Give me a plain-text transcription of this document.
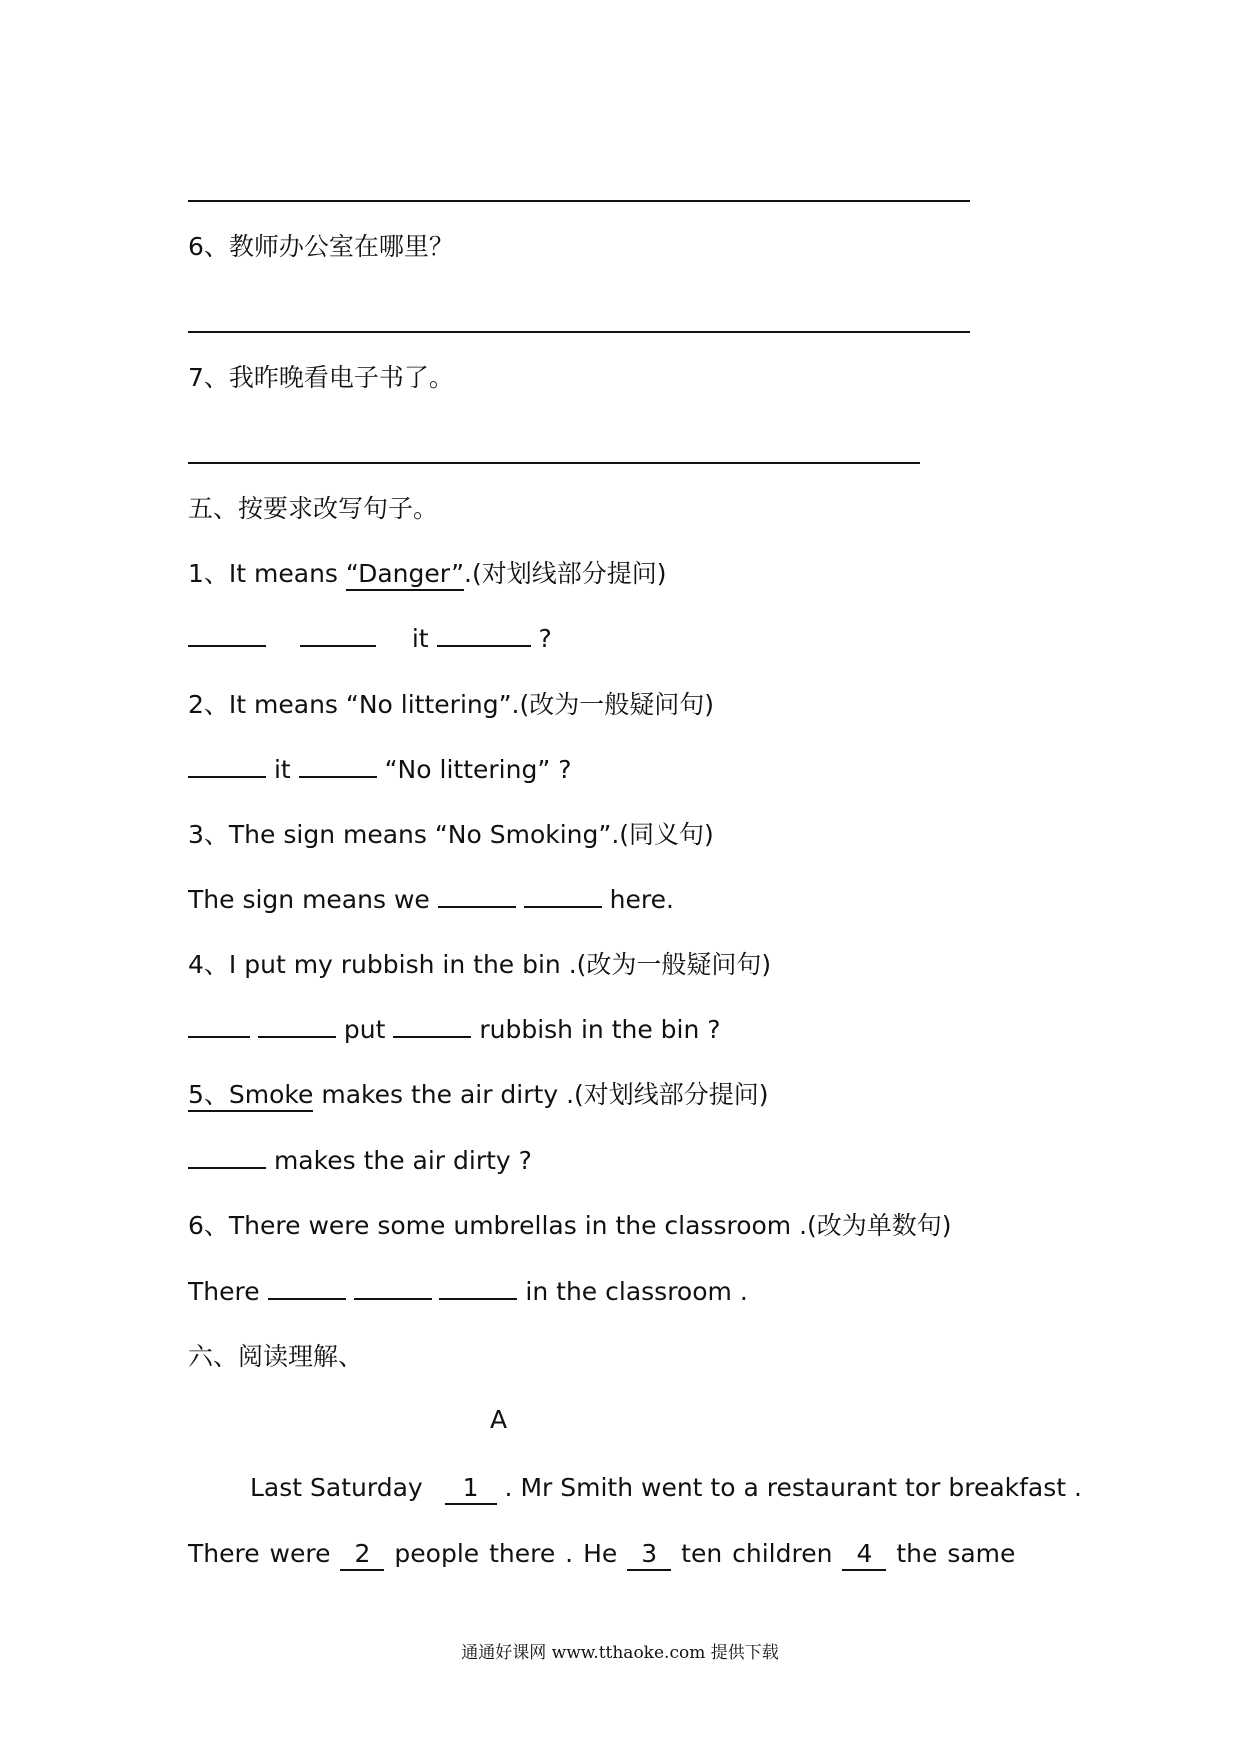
6、教师办公室在哪里？
7、我昨晚看电子书了。
五、按要求改写句子。
1、It means “Danger”.(对划线部分提问)
it	?
2、It means “No littering”.(改为一般疑问句)
it	“No littering” ?
3、The sign means “No Smoking”.(同义句)
The sign means we	here.
4、I put my rubbish in the bin .(改为一般疑问句)
put	rubbish in the bin ?
5、Smoke makes the air dirty .(对划线部分提问)
makes the air dirty ?
6、There were some umbrellas in the classroom .(改为单数句)
There	in the classroom .
六、阅读理解、
A
Last Saturday 1 . Mr Smith went to a restaurant tor breakfast .
There were 2 people there . He 3 ten children 4 the same
通通好课网 www.tthaoke.com 提供下载
